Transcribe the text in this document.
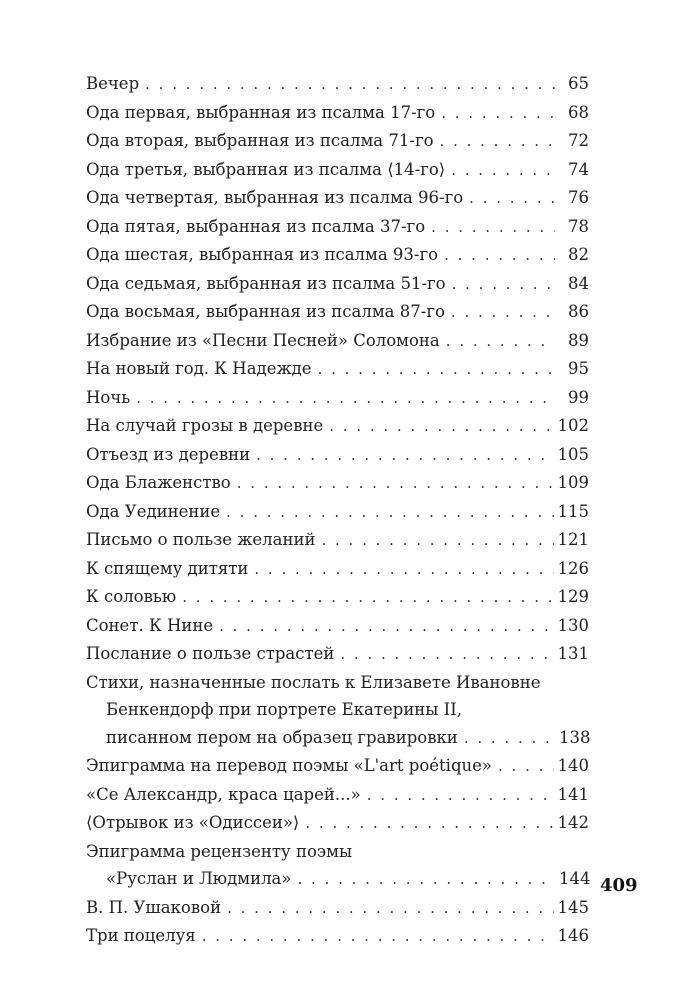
Вечер . . .	65
Ода первая, выбранная из псалма 17-го . . .	68
Ода вторая, выбранная из псалма 71-го . . .	72
Ода третья, выбранная из псалма ⟨14-го⟩ . . .	74
Ода четвертая, выбранная из псалма 96-го . . .	76
Ода пятая, выбранная из псалма 37-го . . .	78
Ода шестая, выбранная из псалма 93-го . . .	82
Ода седьмая, выбранная из псалма 51-го . . .	84
Ода восьмая, выбранная из псалма 87-го . . .	86
Избрание из «Песни Песней» Соломона . . .	89
На новый год. К Надежде . . .	95
Ночь . . .	99
На случай грозы в деревне . . .	102
Отъезд из деревни . . .	105
Ода Блаженство . . .	109
Ода Уединение . . .	115
Письмо о пользе желаний . . .	121
К спящему дитяти . . .	126
К соловью . . .	129
Сонет. К Нине . . .	130
Послание о пользе страстей . . .	131
Стихи, назначенные послать к Елизавете Ивановне
Бенкендорф при портрете Екатерины II,
писанном пером на образец гравировки . . .	138
Эпиграмма на перевод поэмы «L'art poétique» . . .	140
«Се Александр, краса царей...» . . .	141
⟨Отрывок из «Одиссеи»⟩ . . .	142
Эпиграмма рецензенту поэмы
«Руслан и Людмила» . . .	144
В. П. Ушаковой . . .	145
Три поцелуя . . .	146
409
